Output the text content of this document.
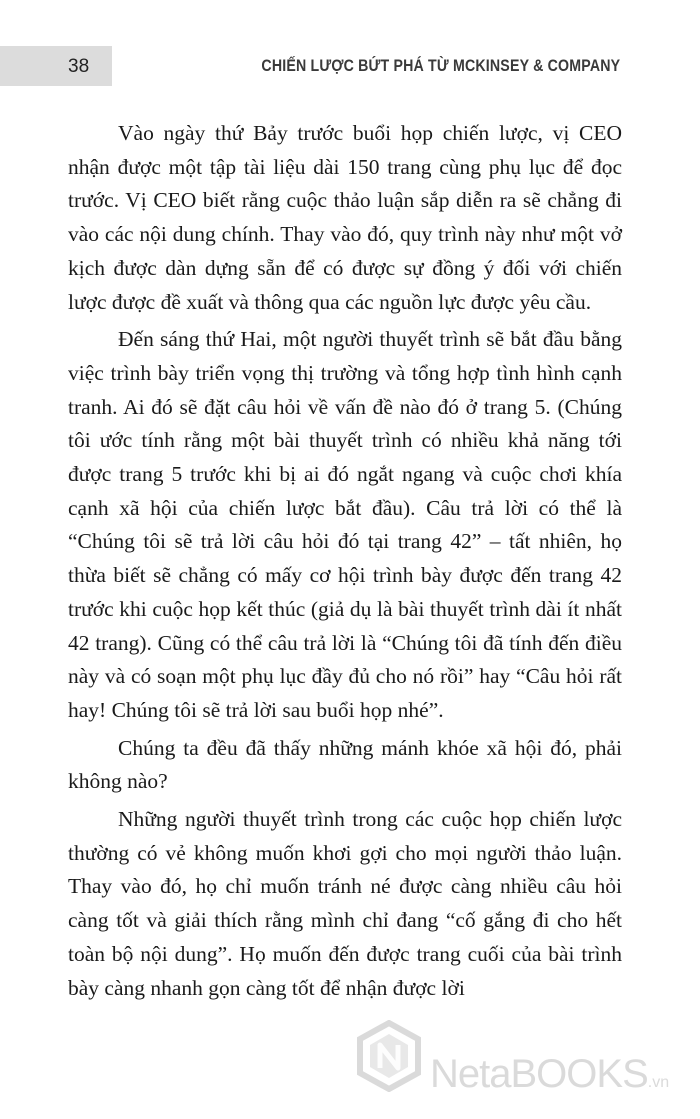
38	CHIẾN LƯỢC BỨT PHÁ TỪ MCKINSEY & COMPANY

Vào ngày thứ Bảy trước buổi họp chiến lược, vị CEO nhận được một tập tài liệu dài 150 trang cùng phụ lục để đọc trước. Vị CEO biết rằng cuộc thảo luận sắp diễn ra sẽ chẳng đi vào các nội dung chính. Thay vào đó, quy trình này như một vở kịch được dàn dựng sẵn để có được sự đồng ý đối với chiến lược được đề xuất và thông qua các nguồn lực được yêu cầu.

Đến sáng thứ Hai, một người thuyết trình sẽ bắt đầu bằng việc trình bày triển vọng thị trường và tổng hợp tình hình cạnh tranh. Ai đó sẽ đặt câu hỏi về vấn đề nào đó ở trang 5. (Chúng tôi ước tính rằng một bài thuyết trình có nhiều khả năng tới được trang 5 trước khi bị ai đó ngắt ngang và cuộc chơi khía cạnh xã hội của chiến lược bắt đầu). Câu trả lời có thể là “Chúng tôi sẽ trả lời câu hỏi đó tại trang 42” – tất nhiên, họ thừa biết sẽ chẳng có mấy cơ hội trình bày được đến trang 42 trước khi cuộc họp kết thúc (giả dụ là bài thuyết trình dài ít nhất 42 trang). Cũng có thể câu trả lời là “Chúng tôi đã tính đến điều này và có soạn một phụ lục đầy đủ cho nó rồi” hay “Câu hỏi rất hay! Chúng tôi sẽ trả lời sau buổi họp nhé”.

Chúng ta đều đã thấy những mánh khóe xã hội đó, phải không nào?

Những người thuyết trình trong các cuộc họp chiến lược thường có vẻ không muốn khơi gợi cho mọi người thảo luận. Thay vào đó, họ chỉ muốn tránh né được càng nhiều câu hỏi càng tốt và giải thích rằng mình chỉ đang “cố gắng đi cho hết toàn bộ nội dung”. Họ muốn đến được trang cuối của bài trình bày càng nhanh gọn càng tốt để nhận được lời

NetaBOOKS.vn
